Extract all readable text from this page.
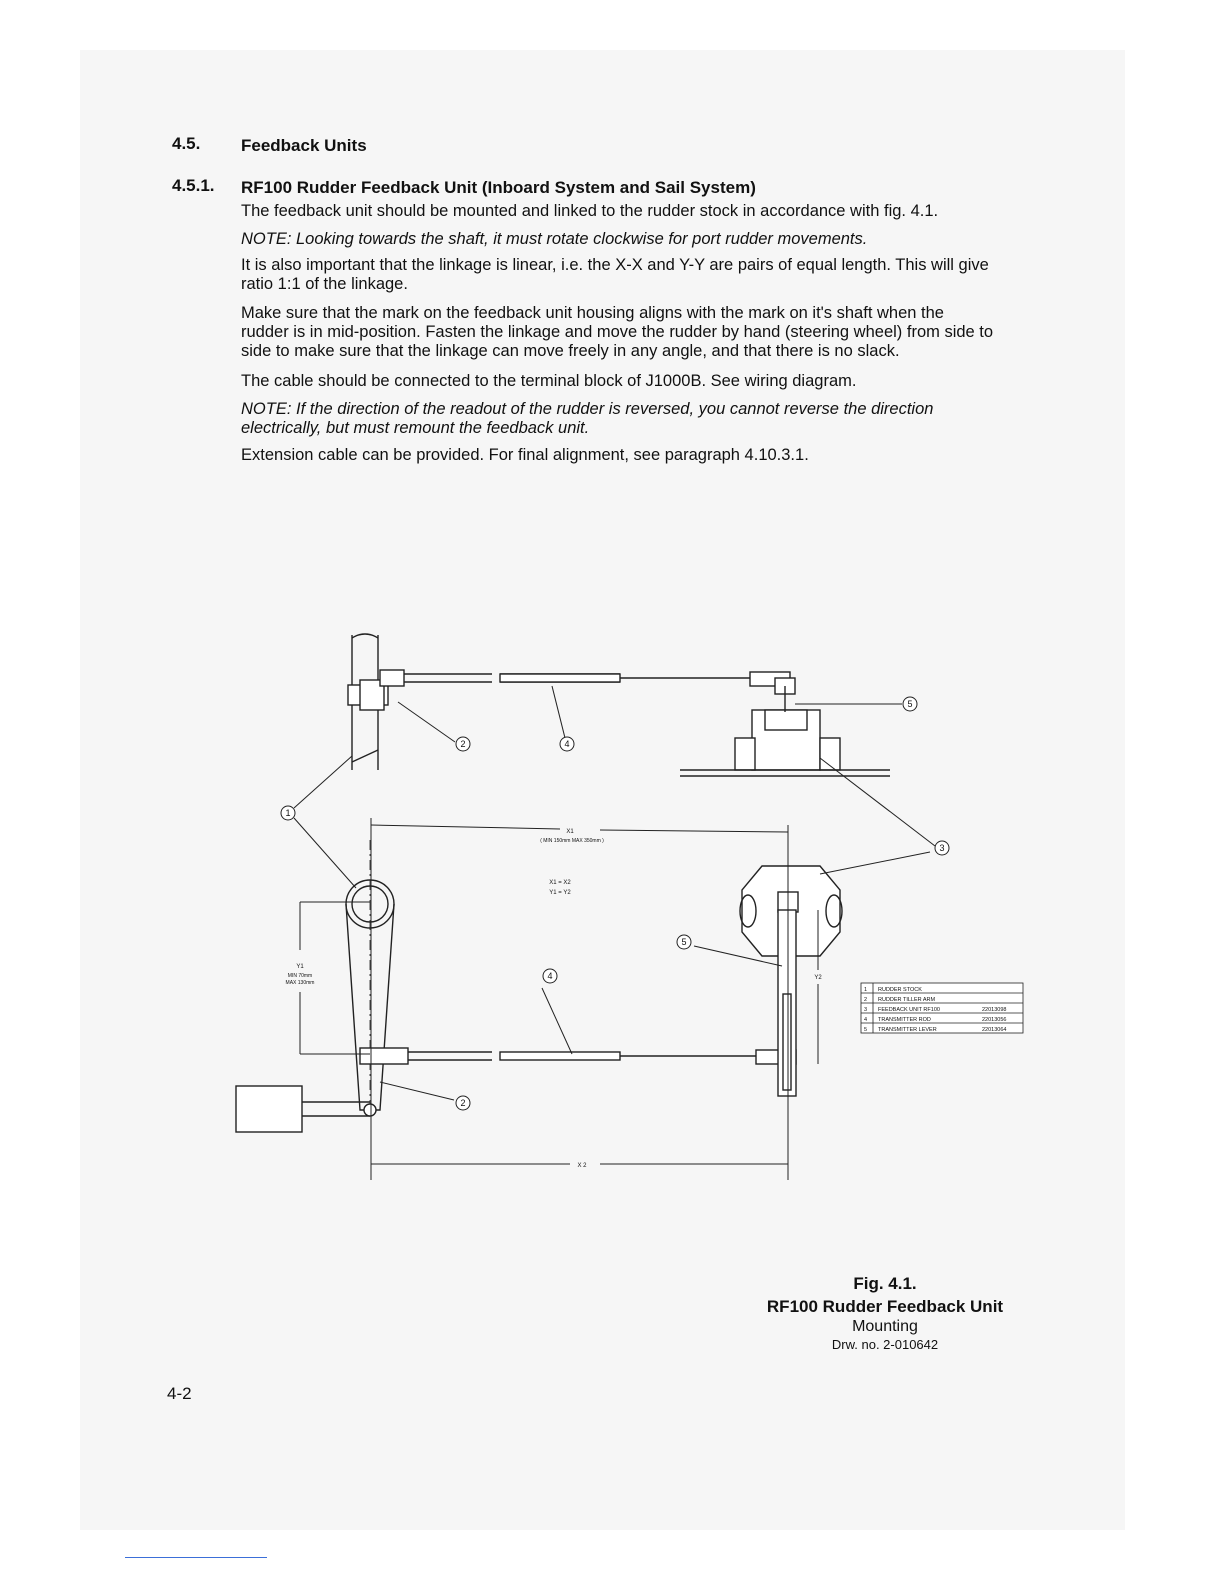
4.5. Feedback Units
4.5.1. RF100 Rudder Feedback Unit (Inboard System and Sail System)
The feedback unit should be mounted and linked to the rudder stock in accordance with fig. 4.1.
NOTE: Looking towards the shaft, it must rotate clockwise for port rudder movements.
It is also important that the linkage is linear, i.e. the X-X and Y-Y are pairs of equal length. This will give ratio 1:1 of the linkage.
Make sure that the mark on the feedback unit housing aligns with the mark on it's shaft when the rudder is in mid-position. Fasten the linkage and move the rudder by hand (steering wheel) from side to side to make sure that the linkage can move freely in any angle, and that there is no slack.
The cable should be connected to the terminal block of J1000B. See wiring diagram.
NOTE: If the direction of the readout of the rudder is reversed, you cannot reverse the direction electrically, but must remount the feedback unit.
Extension cable can be provided. For final alignment, see paragraph 4.10.3.1.
1
2
2
3
4
4
5
5
X1
( MIN 150mm MAX 350mm )
X1 = X2
Y1 = Y2
Y1
MIN 70mm
MAX 130mm
Y2
X 2
1 RUDDER STOCK
2 RUDDER TILLER ARM
3 FEEDBACK UNIT RF100	22013098
4 TRANSMITTER ROD	22013056
5 TRANSMITTER LEVER	22013064
Fig. 4.1.
RF100 Rudder Feedback Unit
Mounting
Drw. no. 2-010642
4-2
